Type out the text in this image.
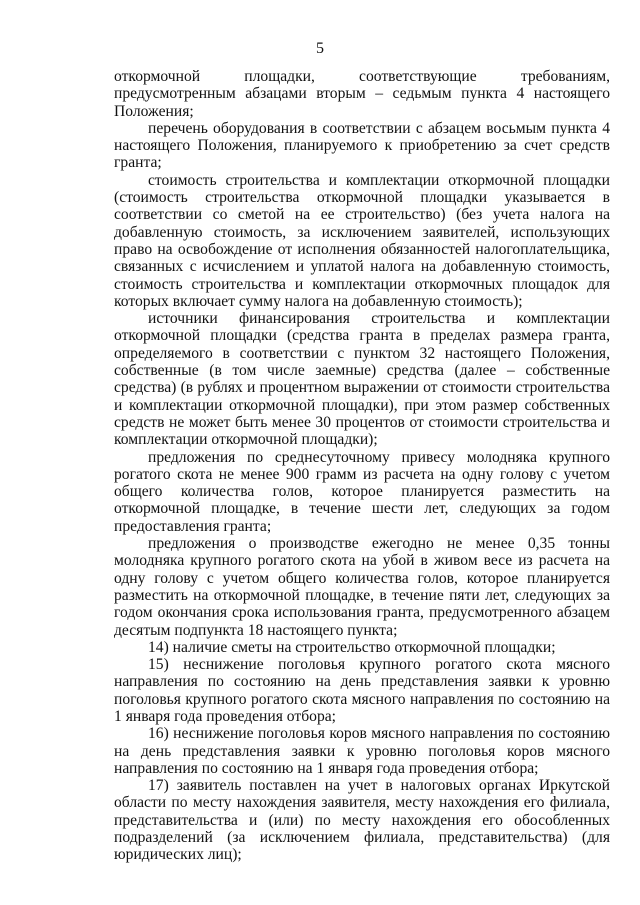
5

откормочной площадки, соответствующие требованиям, предусмотренным абзацами вторым – седьмым пункта 4 настоящего Положения;

перечень оборудования в соответствии с абзацем восьмым пункта 4 настоящего Положения, планируемого к приобретению за счет средств гранта;

стоимость строительства и комплектации откормочной площадки (стоимость строительства откормочной площадки указывается в соответствии со сметой на ее строительство) (без учета налога на добавленную стоимость, за исключением заявителей, использующих право на освобождение от исполнения обязанностей налогоплательщика, связанных с исчислением и уплатой налога на добавленную стоимость, стоимость строительства и комплектации откормочных площадок для которых включает сумму налога на добавленную стоимость);

источники финансирования строительства и комплектации откормочной площадки (средства гранта в пределах размера гранта, определяемого в соответствии с пунктом 32 настоящего Положения, собственные (в том числе заемные) средства (далее – собственные средства) (в рублях и процентном выражении от стоимости строительства и комплектации откормочной площадки), при этом размер собственных средств не может быть менее 30 процентов от стоимости строительства и комплектации откормочной площадки);

предложения по среднесуточному привесу молодняка крупного рогатого скота не менее 900 грамм из расчета на одну голову с учетом общего количества голов, которое планируется разместить на откормочной площадке, в течение шести лет, следующих за годом предоставления гранта;

предложения о производстве ежегодно не менее 0,35 тонны молодняка крупного рогатого скота на убой в живом весе из расчета на одну голову с учетом общего количества голов, которое планируется разместить на откормочной площадке, в течение пяти лет, следующих за годом окончания срока использования гранта, предусмотренного абзацем десятым подпункта 18 настоящего пункта;

14) наличие сметы на строительство откормочной площадки;

15) неснижение поголовья крупного рогатого скота мясного направления по состоянию на день представления заявки к уровню поголовья крупного рогатого скота мясного направления по состоянию на 1 января года проведения отбора;

16) неснижение поголовья коров мясного направления по состоянию на день представления заявки к уровню поголовья коров мясного направления по состоянию на 1 января года проведения отбора;

17) заявитель поставлен на учет в налоговых органах Иркутской области по месту нахождения заявителя, месту нахождения его филиала, представительства и (или) по месту нахождения его обособленных подразделений (за исключением филиала, представительства) (для юридических лиц);
